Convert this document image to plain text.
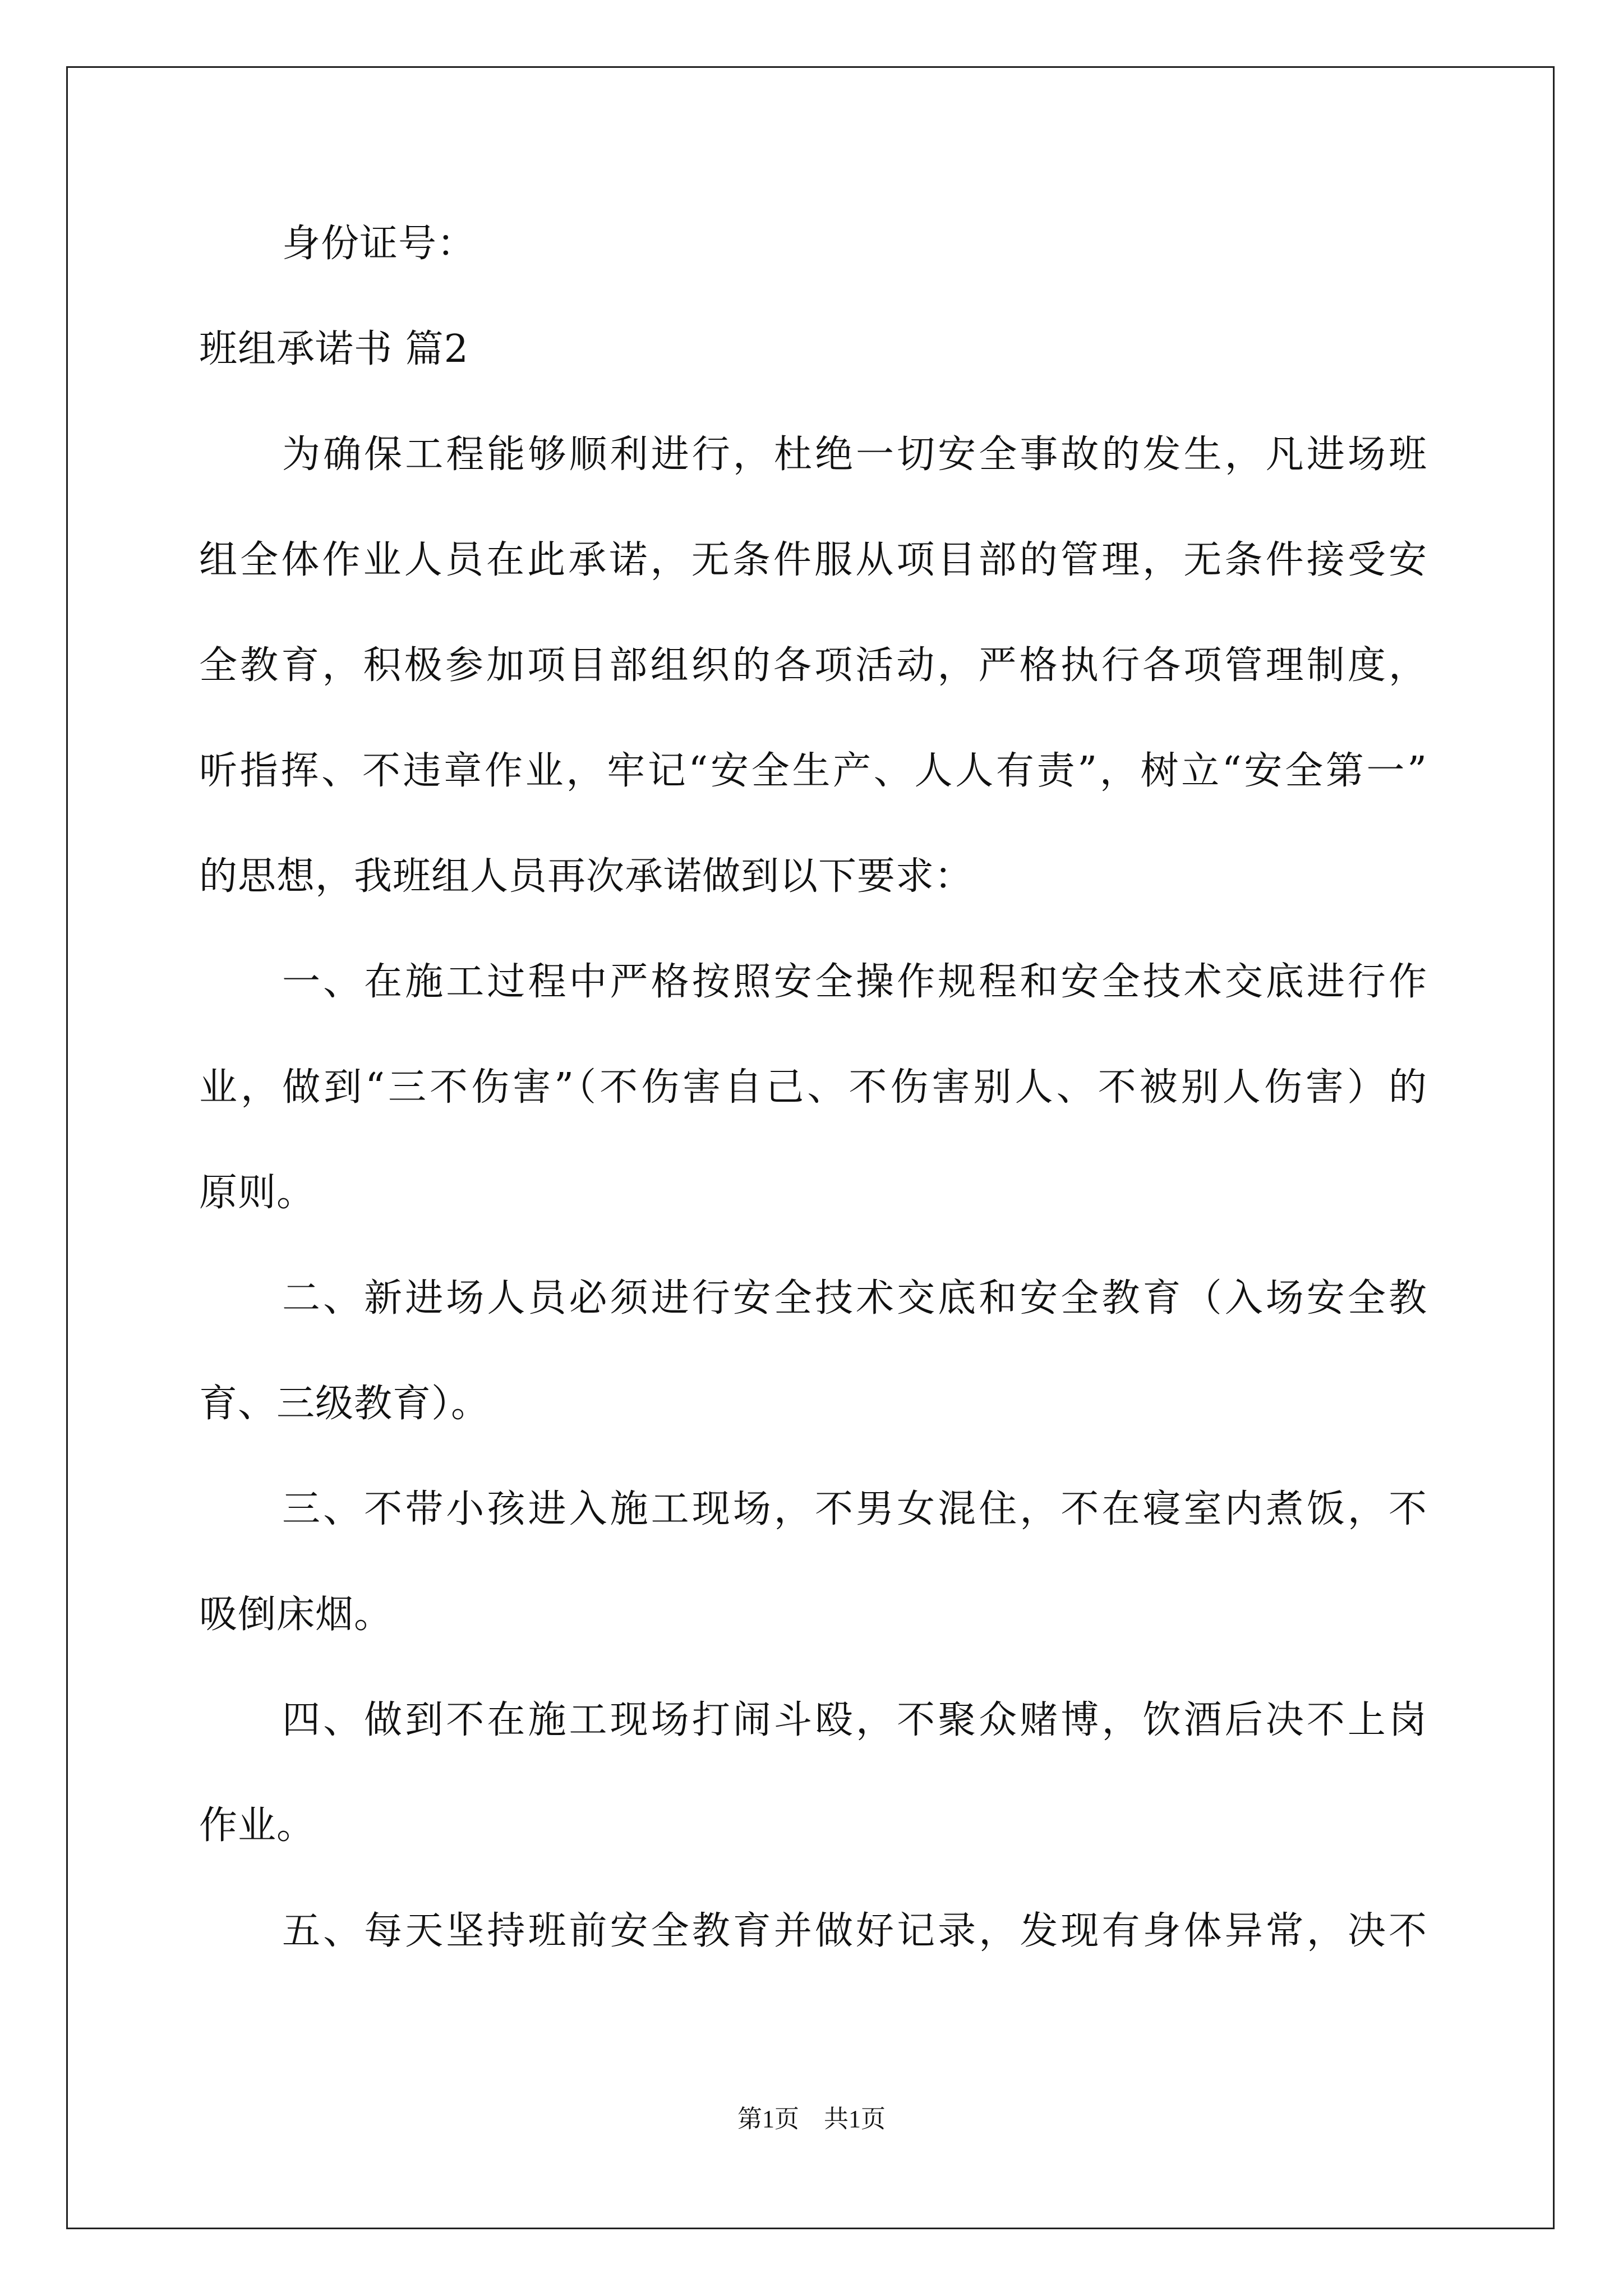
身份证号：
班组承诺书 篇2
为确保工程能够顺利进行，杜绝一切安全事故的发生，凡进场班
组全体作业人员在此承诺，无条件服从项目部的管理，无条件接受安
全教育，积极参加项目部组织的各项活动，严格执行各项管理制度，
听指挥、不违章作业，牢记“安全生产、人人有责”，树立“安全第一”
的思想，我班组人员再次承诺做到以下要求：
一、在施工过程中严格按照安全操作规程和安全技术交底进行作
业，做到“三不伤害”（不伤害自己、不伤害别人、不被别人伤害）的
原则。
二、新进场人员必须进行安全技术交底和安全教育（入场安全教
育、三级教育）。
三、不带小孩进入施工现场，不男女混住，不在寝室内煮饭，不
吸倒床烟。
四、做到不在施工现场打闹斗殴，不聚众赌博，饮酒后决不上岗
作业。
五、每天坚持班前安全教育并做好记录，发现有身体异常，决不
第1页　共1页
